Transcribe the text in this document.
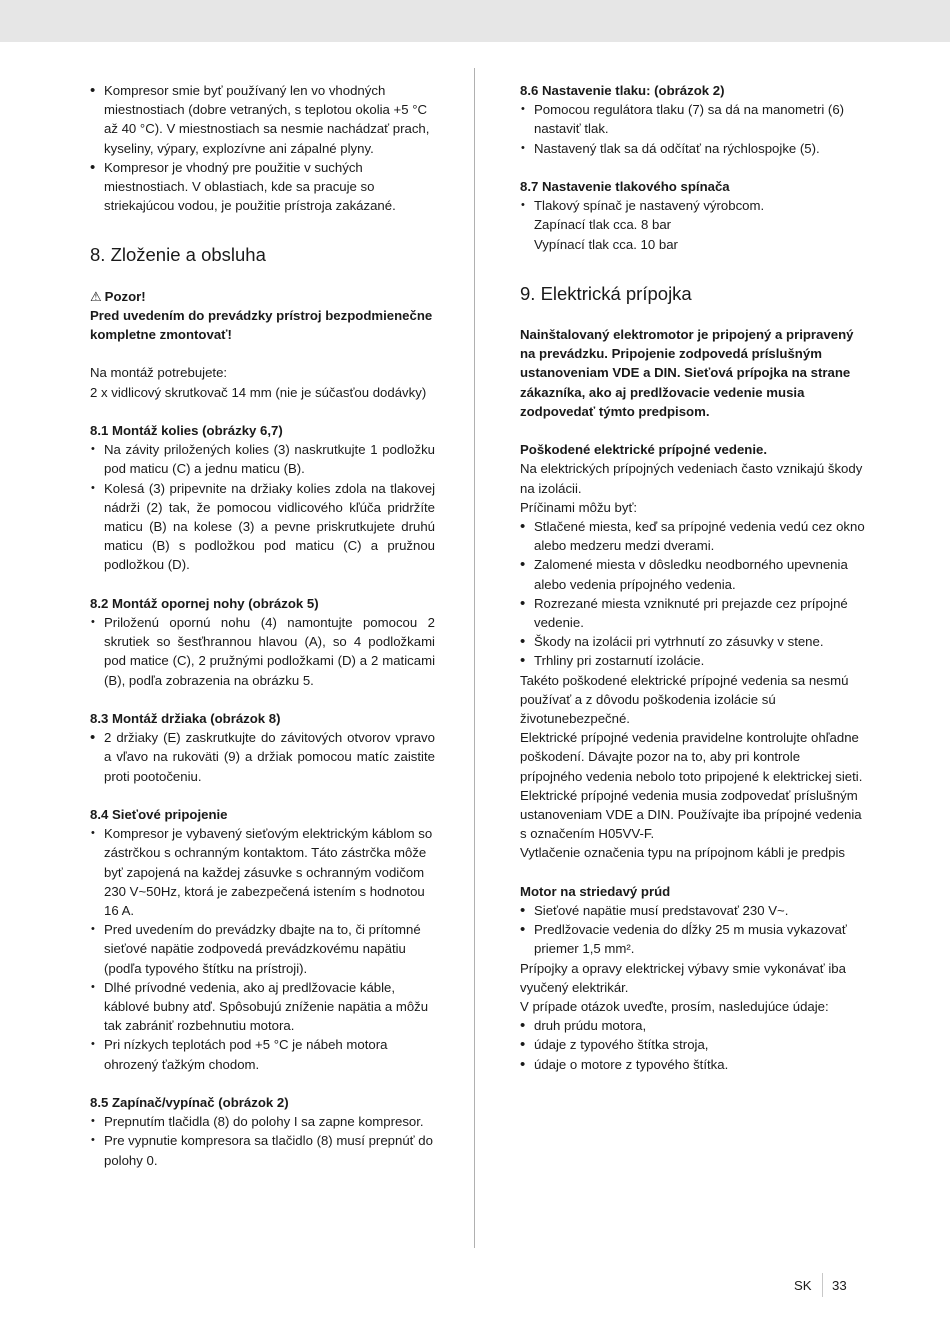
• Kompresor smie byť používaný len vo vhodných miestnostiach (dobre vetraných, s teplotou okolia +5 °C až 40 °C). V miestnostiach sa nesmie nachádzať prach, kyseliny, výpary, explozívne ani zápalné plyny.
• Kompresor je vhodný pre použitie v suchých miestnostiach. V oblastiach, kde sa pracuje so striekajúcou vodou, je použitie prístroja zakázané.
8. Zloženie a obsluha

⚠ Pozor!

Pred uvedením do prevádzky prístroj bezpodmienečne kompletne zmontovať!

Na montáž potrebujete:

2 x vidlicový skrutkovač 14 mm (nie je súčasťou dodávky)

8.1 Montáž kolies (obrázky 6,7)

• Na závity priložených kolies (3) naskrutkujte 1 podložku pod maticu (C) a jednu maticu (B).
• Kolesá (3) pripevnite na držiaky kolies zdola na tlakovej nádrži (2) tak, že pomocou vidlicového kľúča pridržíte maticu (B) na kolese (3) a pevne priskrutkujete druhú maticu (B) s podložkou pod maticu (C) a pružnou podložkou (D).

8.2 Montáž opornej nohy (obrázok 5)

• Priloženú opornú nohu (4) namontujte pomocou 2 skrutiek so šesťhrannou hlavou (A), so 4 podložkami pod matice (C), 2 pružnými podložkami (D) a 2 maticami (B), podľa zobrazenia na obrázku 5.

8.3 Montáž držiaka (obrázok 8)

• 2 držiaky (E) zaskrutkujte do závitových otvorov vpravo a vľavo na rukoväti (9) a držiak pomocou matíc zaistite proti pootočeniu.

8.4 Sieťové pripojenie

• Kompresor je vybavený sieťovým elektrickým káblom so zástrčkou s ochranným kontaktom. Táto zástrčka môže byť zapojená na každej zásuvke s ochranným vodičom 230 V~50Hz, ktorá je zabezpečená istením s hodnotou 16 A.
• Pred uvedením do prevádzky dbajte na to, či prítomné sieťové napätie zodpovedá prevádzkovému napätiu (podľa typového štítku na prístroji).
• Dlhé prívodné vedenia, ako aj predlžovacie káble, káblové bubny atď. Spôsobujú zníženie napätia a môžu tak zabrániť rozbehnutiu motora.
• Pri nízkych teplotách pod +5 °C je nábeh motora ohrozený ťažkým chodom.

8.5 Zapínač/vypínač (obrázok 2)

• Prepnutím tlačidla (8) do polohy I sa zapne kompresor.
• Pre vypnutie kompresora sa tlačidlo (8) musí prepnúť do polohy 0.

8.6 Nastavenie tlaku: (obrázok 2)

• Pomocou regulátora tlaku (7) sa dá na manometri (6) nastaviť tlak.
• Nastavený tlak sa dá odčítať na rýchlospojke (5).

8.7 Nastavenie tlakového spínača

• Tlakový spínač je nastavený výrobcom.
Zapínací tlak cca. 8 bar
Vypínací tlak cca. 10 bar
9. Elektrická prípojka

Nainštalovaný elektromotor je pripojený a pripravený na prevádzku. Pripojenie zodpovedá príslušným ustanoveniam VDE a DIN. Sieťová prípojka na strane zákazníka, ako aj predlžovacie vedenie musia zodpovedať týmto predpisom.

Poškodené elektrické prípojné vedenie.

Na elektrických prípojných vedeniach často vznikajú škody na izolácii.

Príčinami môžu byť:

• Stlačené miesta, keď sa prípojné vedenia vedú cez okno alebo medzeru medzi dverami.
• Zalomené miesta v dôsledku neodborného upevnenia alebo vedenia prípojného vedenia.
• Rozrezané miesta vzniknuté pri prejazde cez prípojné vedenie.
• Škody na izolácii pri vytrhnutí zo zásuvky v stene.
• Trhliny pri zostarnutí izolácie.

Takéto poškodené elektrické prípojné vedenia sa nesmú používať a z dôvodu poškodenia izolácie sú životunebezpečné.

Elektrické prípojné vedenia pravidelne kontrolujte ohľadne poškodení. Dávajte pozor na to, aby pri kontrole prípojného vedenia nebolo toto pripojené k elektrickej sieti.

Elektrické prípojné vedenia musia zodpovedať príslušným ustanoveniam VDE a DIN. Používajte iba prípojné vedenia s označením H05VV-F.

Vytlačenie označenia typu na prípojnom kábli je predpis

Motor na striedavý prúd

• Sieťové napätie musí predstavovať 230 V~.
• Predlžovacie vedenia do dĺžky 25 m musia vykazovať priemer 1,5 mm².

Prípojky a opravy elektrickej výbavy smie vykonávať iba vyučený elektrikár.

V prípade otázok uveďte, prosím, nasledujúce údaje:

• druh prúdu motora,
• údaje z typového štítka stroja,
• údaje o motore z typového štítka.
SK 33
